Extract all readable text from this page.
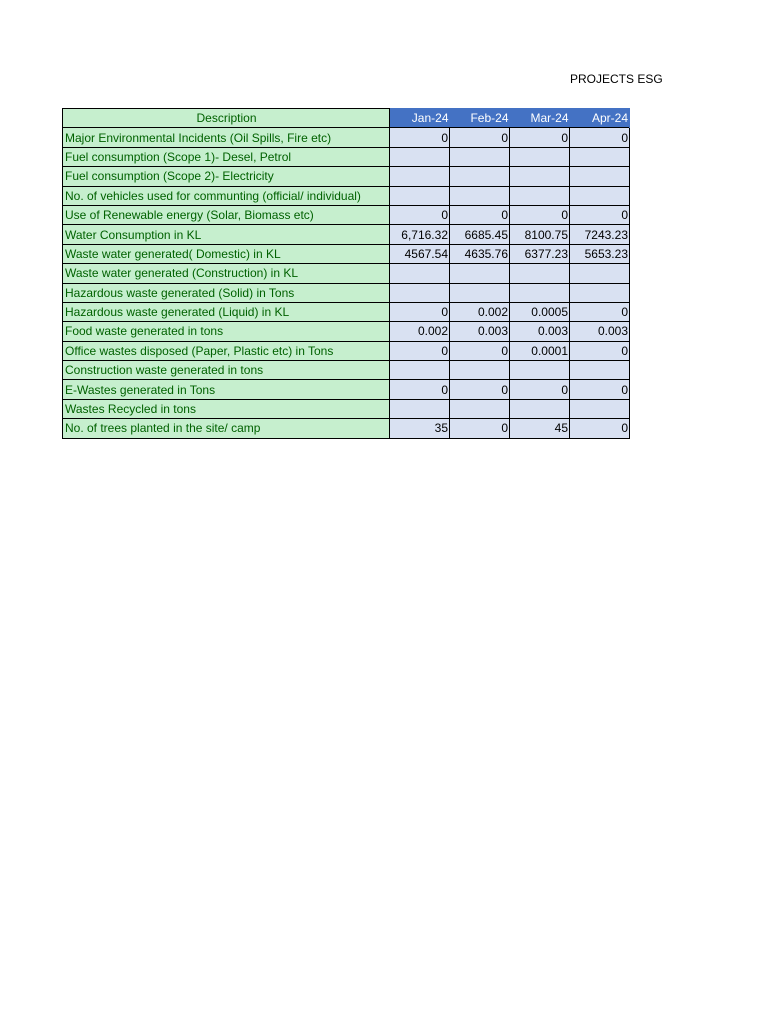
PROJECTS ESG
Description	Jan-24	Feb-24	Mar-24	Apr-24
Major Environmental Incidents (Oil Spills, Fire etc)	0	0	0	0
Fuel consumption (Scope 1)- Desel, Petrol				
Fuel consumption (Scope 2)- Electricity				
No. of vehicles used for communting (official/ individual)				
Use of Renewable energy (Solar, Biomass etc)	0	0	0	0
Water Consumption in KL	6,716.32	6685.45	8100.75	7243.23
Waste water generated( Domestic) in KL	4567.54	4635.76	6377.23	5653.23
Waste water generated (Construction) in KL				
Hazardous waste generated (Solid) in Tons				
Hazardous waste generated (Liquid) in KL	0	0.002	0.0005	0
Food waste generated in tons	0.002	0.003	0.003	0.003
Office wastes disposed (Paper, Plastic etc) in Tons	0	0	0.0001	0
Construction waste generated in tons				
E-Wastes generated in Tons	0	0	0	0
Wastes Recycled in tons				
No. of trees planted in the site/ camp	35	0	45	0
